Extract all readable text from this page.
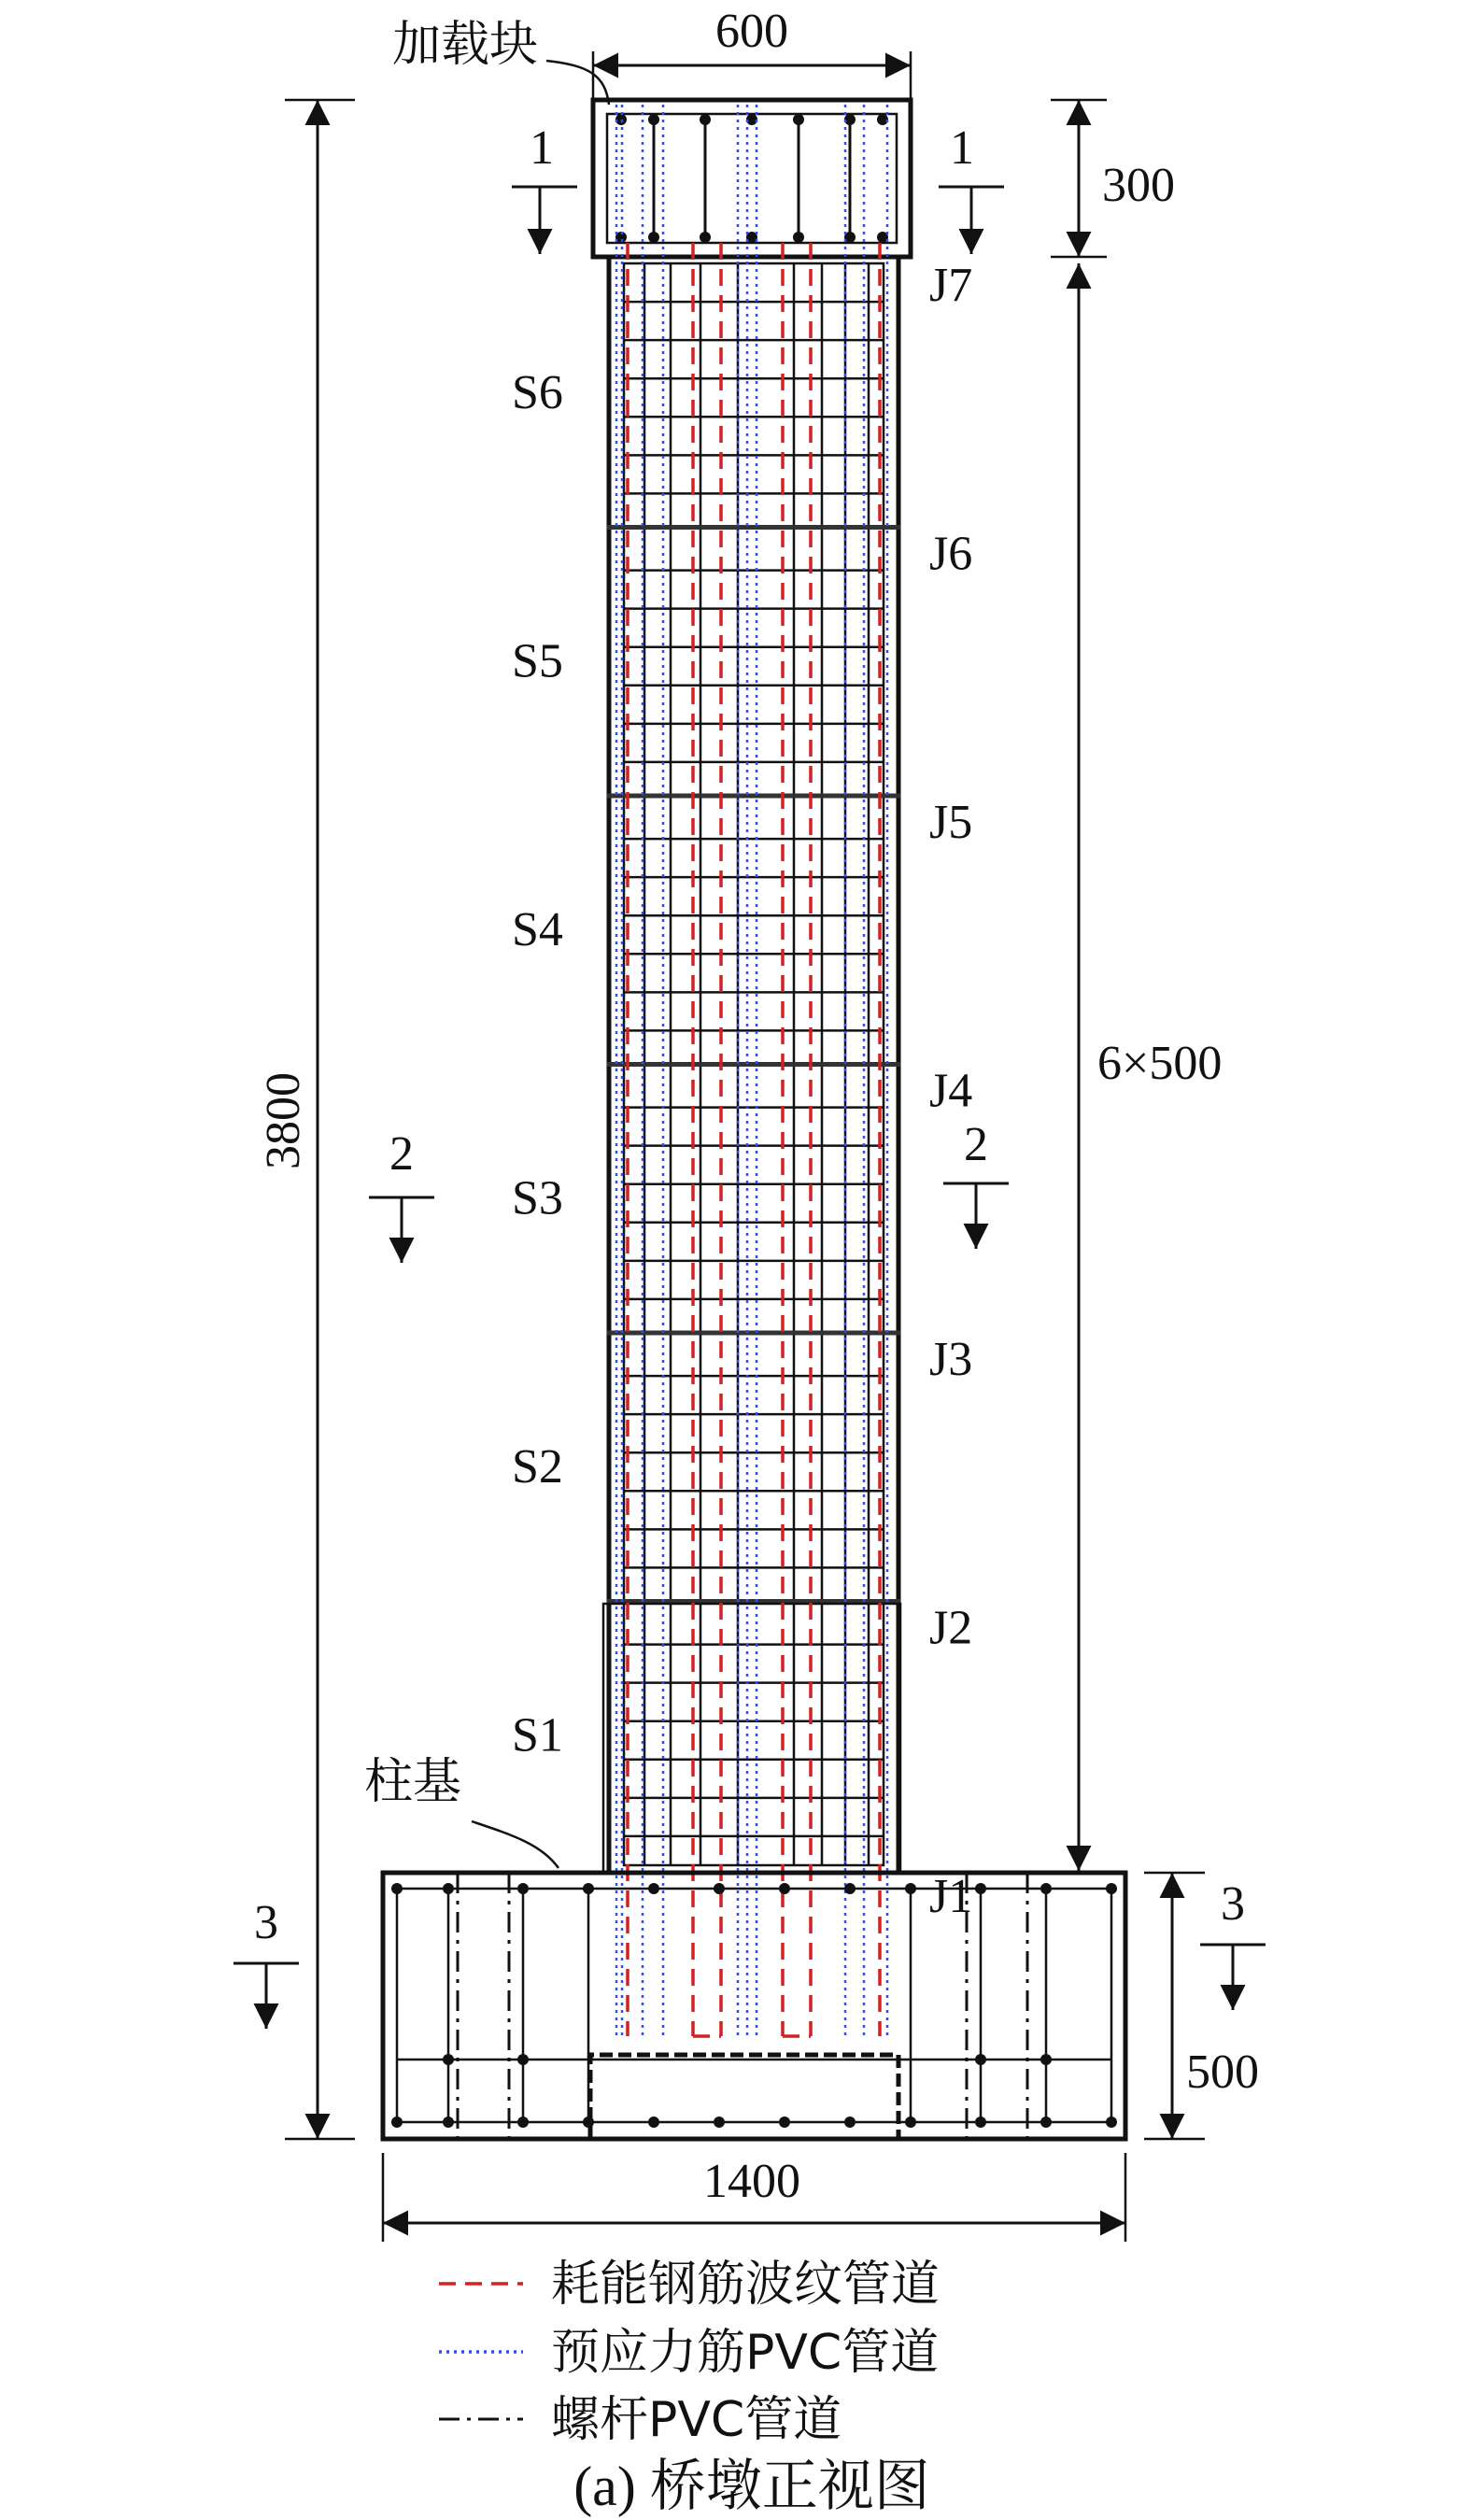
600
300
6×500
500
1400
3800
1	1
2	2
3	3
加载块
柱基
S6
S5
S4
S3
S2
S1
J7
J6
J5
J4
J3
J2
J1
耗能钢筋波纹管道
预应力筋PVC管道
螺杆PVC管道
(a) 桥墩正视图
